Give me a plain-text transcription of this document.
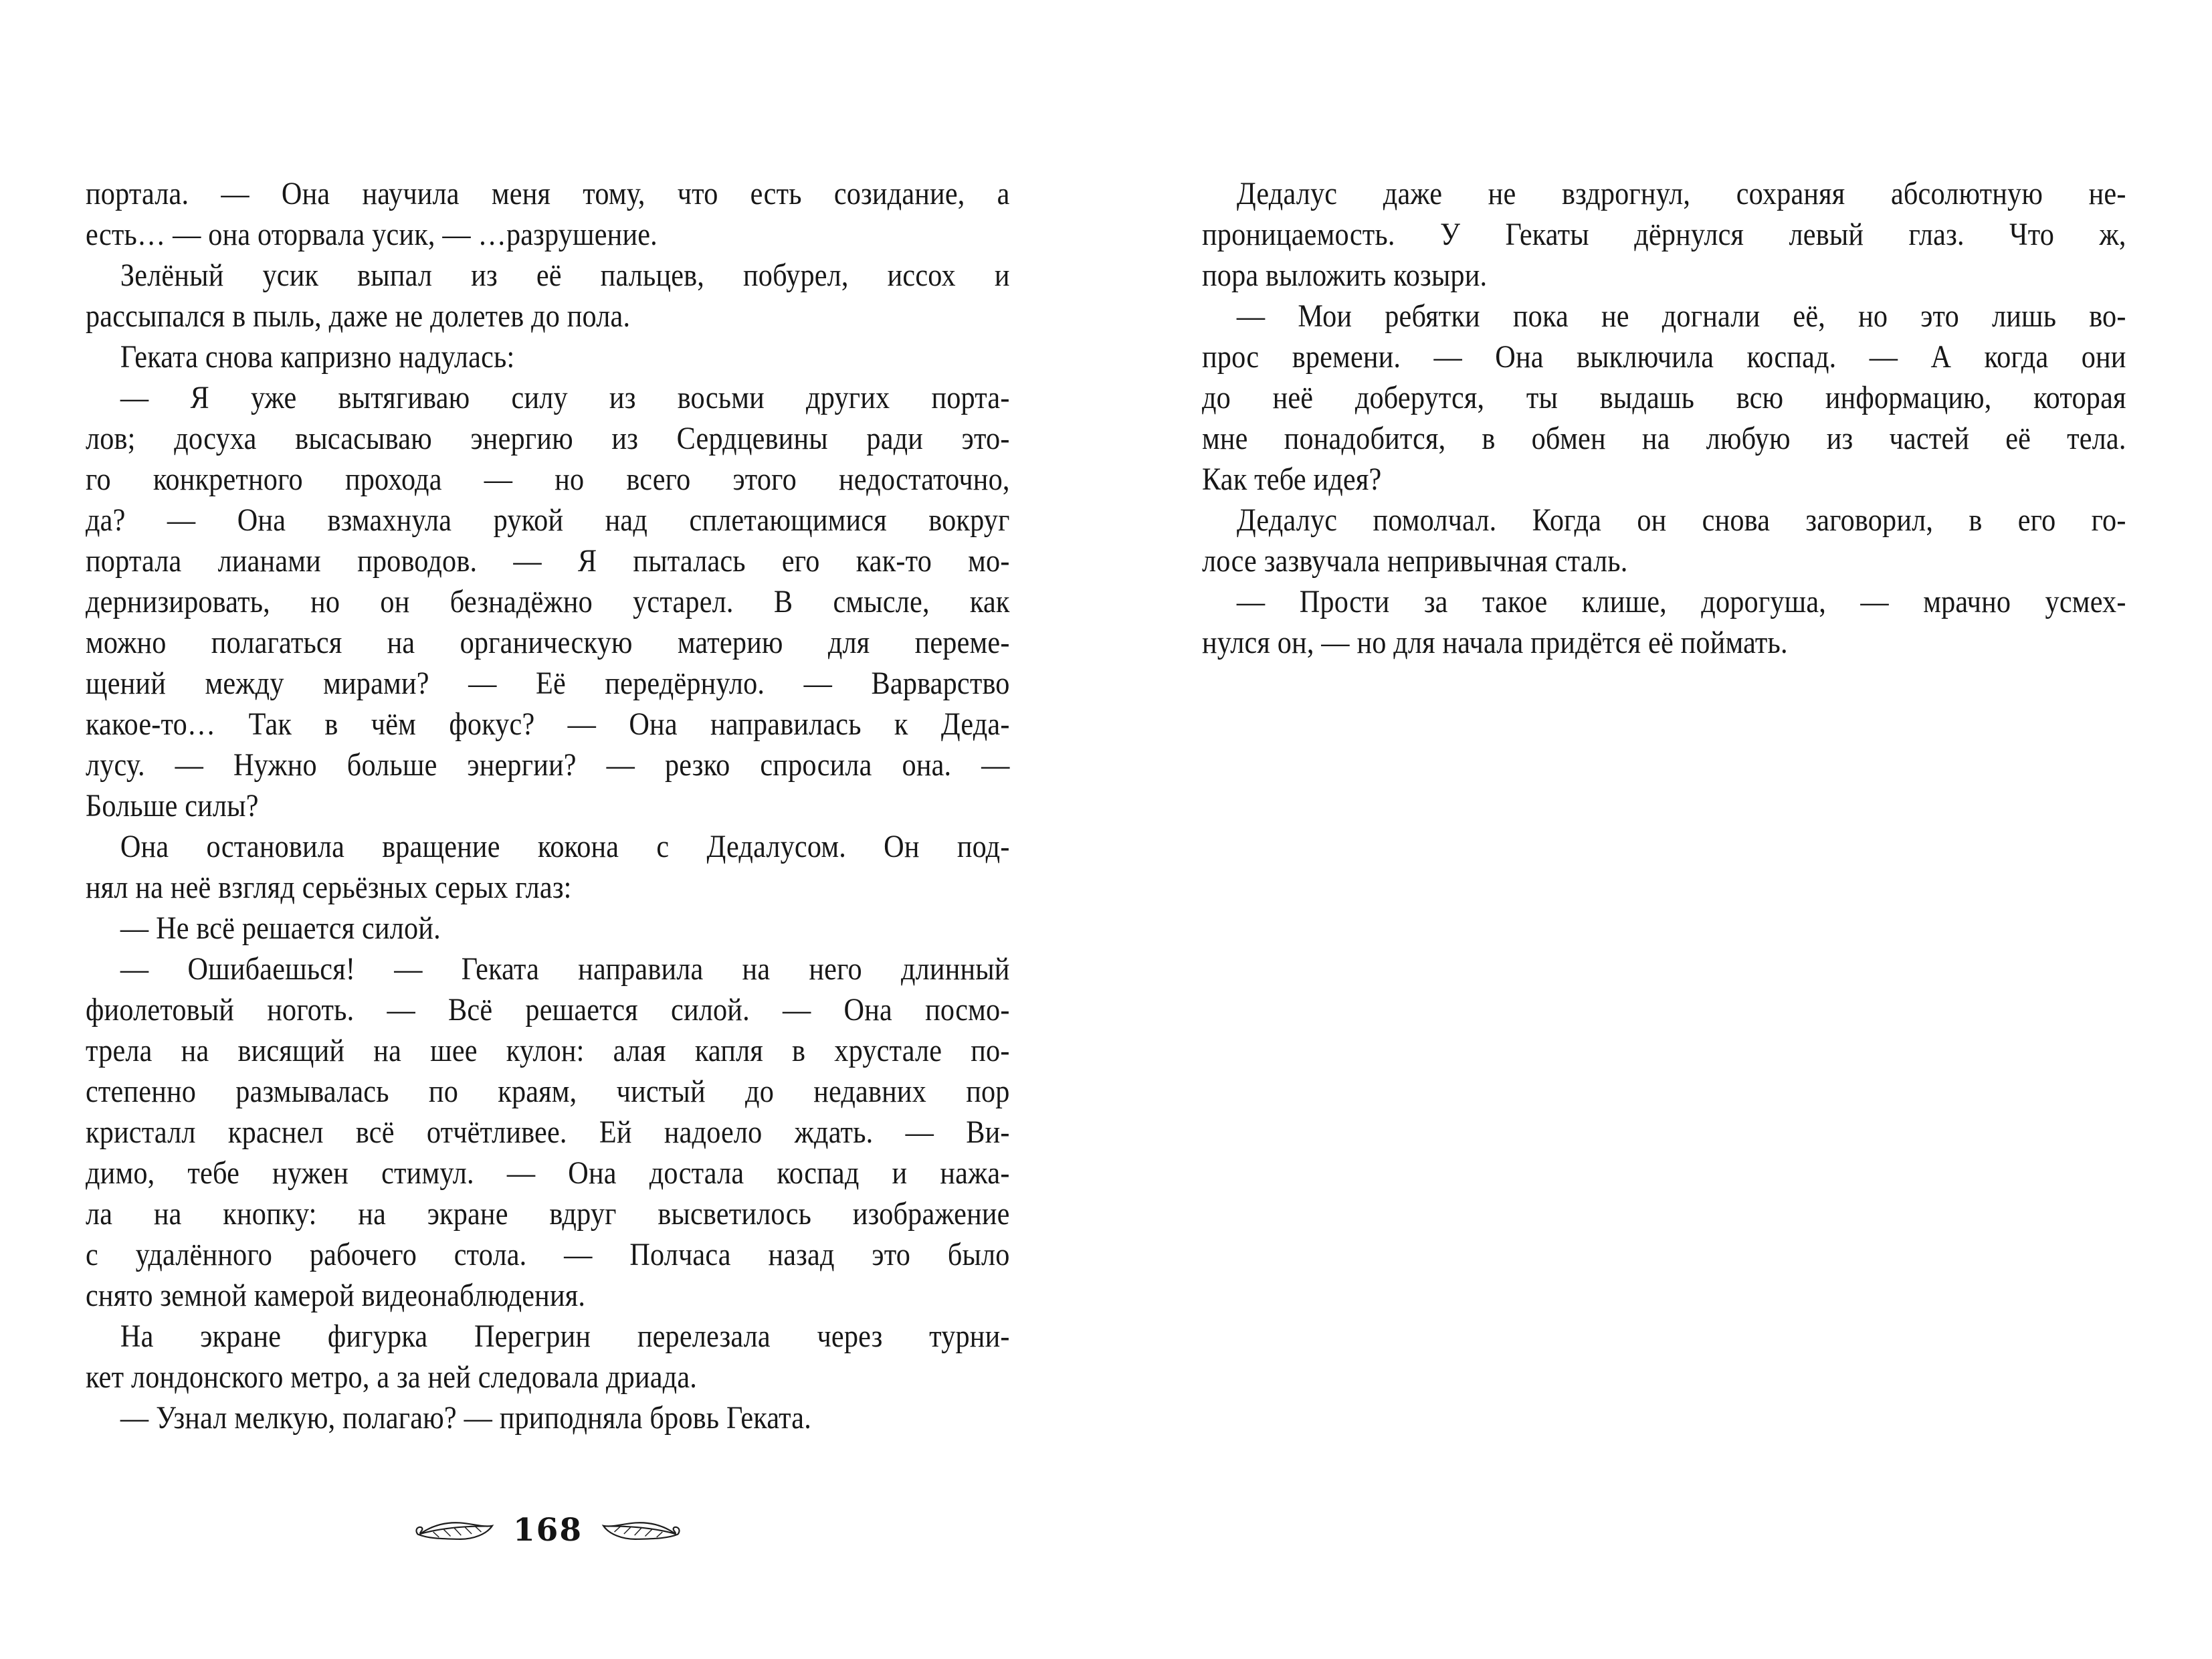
портала. — Она научила меня тому, что есть созидание, а
есть… — она оторвала усик, — …разрушение.
Зелёный усик выпал из её пальцев, побурел, иссох и
рассыпался в пыль, даже не долетев до пола.
Геката снова капризно надулась:
— Я уже вытягиваю силу из восьми других порта-
лов; досуха высасываю энергию из Сердцевины ради это-
го конкретного прохода — но всего этого недостаточно,
да? — Она взмахнула рукой над сплетающимися вокруг
портала лианами проводов. — Я пыталась его как-то мо-
дернизировать, но он безнадёжно устарел. В смысле, как
можно полагаться на органическую материю для переме-
щений между мирами? — Её передёрнуло. — Варварство
какое-то… Так в чём фокус? — Она направилась к Деда-
лусу. — Нужно больше энергии? — резко спросила она. —
Больше силы?
Она остановила вращение кокона с Дедалусом. Он под-
нял на неё взгляд серьёзных серых глаз:
— Не всё решается силой.
— Ошибаешься! — Геката направила на него длинный
фиолетовый ноготь. — Всё решается силой. — Она посмо-
трела на висящий на шее кулон: алая капля в хрустале по-
степенно размывалась по краям, чистый до недавних пор
кристалл краснел всё отчётливее. Ей надоело ждать. — Ви-
димо, тебе нужен стимул. — Она достала коспад и нажа-
ла на кнопку: на экране вдруг высветилось изображение
с удалённого рабочего стола. — Полчаса назад это было
снято земной камерой видеонаблюдения.
На экране фигурка Перегрин перелезала через турни-
кет лондонского метро, а за ней следовала дриада.
— Узнал мелкую, полагаю? — приподняла бровь Геката.
168
Дедалус даже не вздрогнул, сохраняя абсолютную не-
проницаемость. У Гекаты дёрнулся левый глаз. Что ж,
пора выложить козыри.
— Мои ребятки пока не догнали её, но это лишь во-
прос времени. — Она выключила коспад. — А когда они
до неё доберутся, ты выдашь всю информацию, которая
мне понадобится, в обмен на любую из частей её тела.
Как тебе идея?
Дедалус помолчал. Когда он снова заговорил, в его го-
лосе зазвучала непривычная сталь.
— Прости за такое клише, дорогуша, — мрачно усмех-
нулся он, — но для начала придётся её поймать.
